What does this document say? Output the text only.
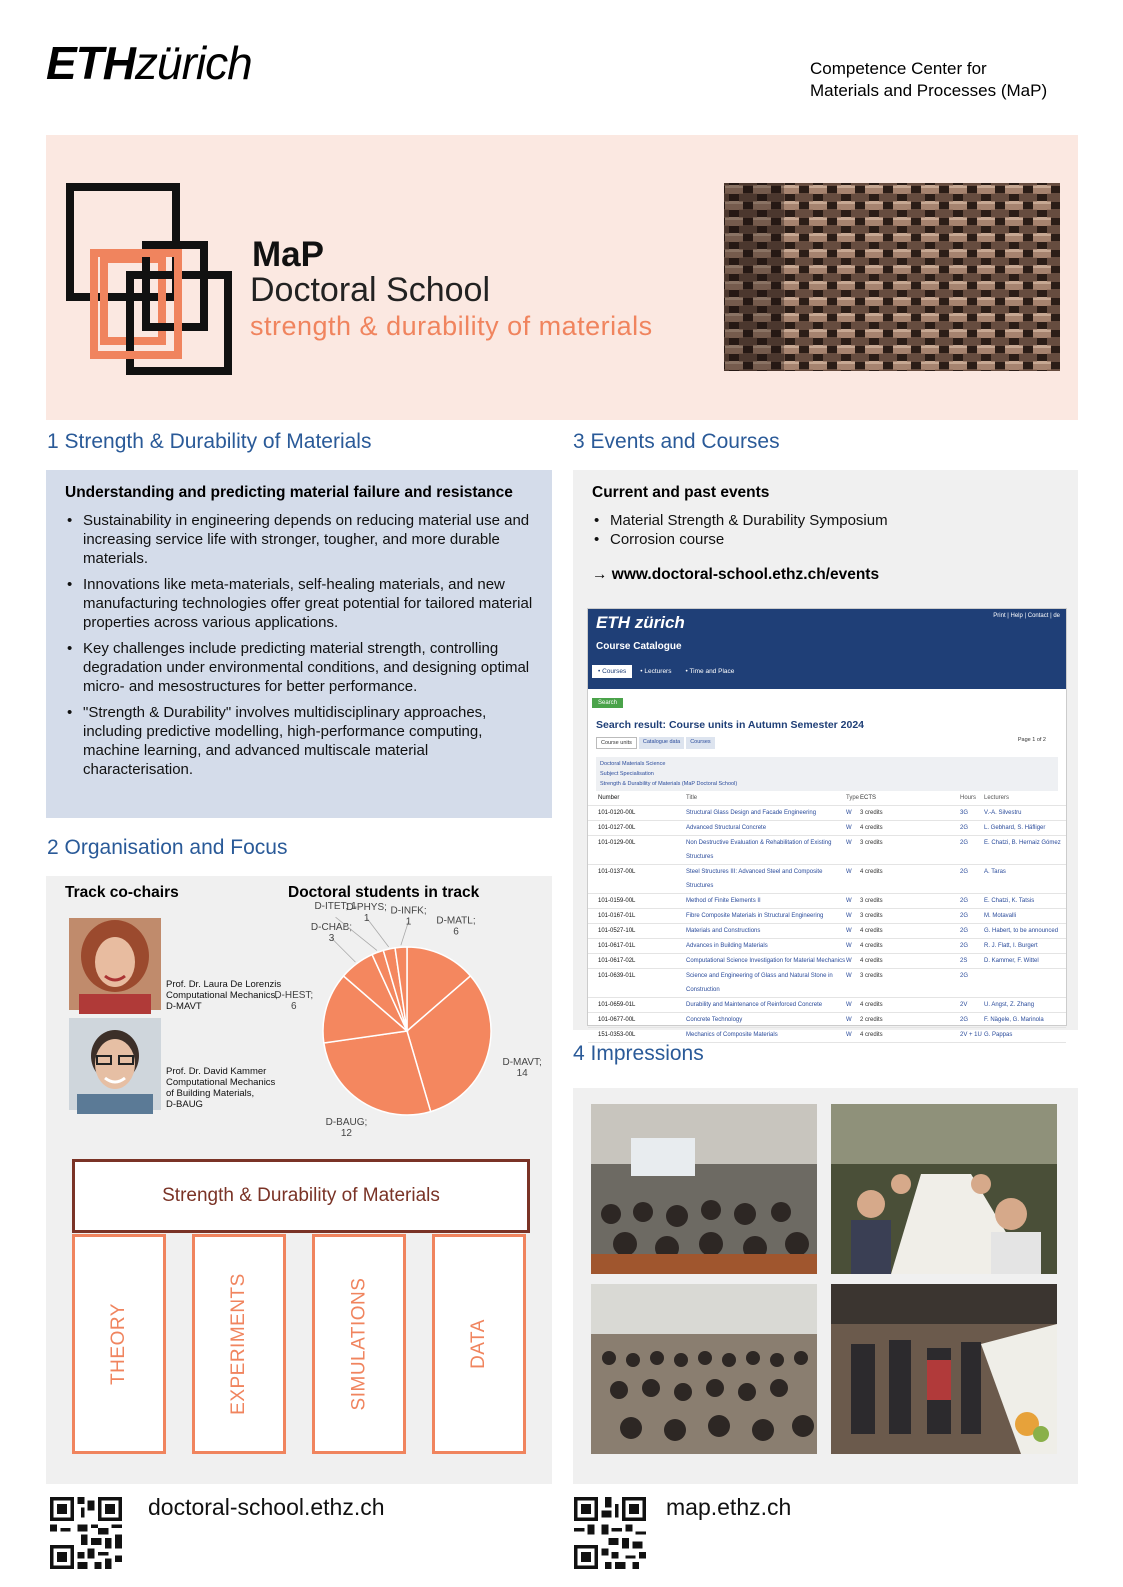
ETHzürich	Competence Center for
Materials and Processes (MaP)
MaP
Doctoral School
strength & durability of materials
1 Strength & Durability of Materials
Understanding and predicting material failure and resistance
• Sustainability in engineering depends on reducing material use and increasing service life with stronger, tougher, and more durable materials.
• Innovations like meta-materials, self-healing materials, and new manufacturing technologies offer great potential for tailored material properties across various applications.
• Key challenges include predicting material strength, controlling degradation under environmental conditions, and designing optimal micro- and mesostructures for better performance.
• "Strength & Durability" involves multidisciplinary approaches, including predictive modelling, high-performance computing, machine learning, and advanced multiscale material characterisation.
2 Organisation and Focus
Track co-chairs	Doctoral students in track
Prof. Dr. Laura De Lorenzis
Computational Mechanics,
D-MAVT
Prof. Dr. David Kammer
Computational Mechanics
of Building Materials,
D-BAUG
D-MATL;
6
D-MAVT;
14
D-BAUG;
12
D-HEST;
6
D-CHAB;
3
D-ITET; 1
D-PHYS;
1
D-INFK;
1
Strength & Durability of Materials
THEORY	EXPERIMENTS	SIMULATIONS	DATA
3 Events and Courses
Current and past events
• Material Strength & Durability Symposium
• Corrosion course
→ www.doctoral-school.ethz.ch/events
ETH zürich	Print | Help | Contact | de
Course Catalogue
• Courses	• Lecturers	• Time and Place
Search
Search result: Course units in Autumn Semester 2024
Course units	Catalogue data	Courses	Page 1 of 2
Doctoral Materials Science
Subject Specialisation
Strength & Durability of Materials (MaP Doctoral School)
Number	Title	Type ECTS	Hours	Lecturers
101-0120-00L	Structural Glass Design and Facade Engineering	W	3 credits	3G	V.-A. Silvestru
101-0127-00L	Advanced Structural Concrete	W	4 credits	2G	L. Gebhard, S. Häfliger
101-0129-00L	Non Destructive Evaluation & Rehabilitation of Existing Structures
W	3 credits	2G	E. Chatzi, B. Hernaiz Gómez
101-0137-00L	Steel Structures III: Advanced Steel and Composite Structures
W	4 credits	2G	A. Taras
101-0159-00L	Method of Finite Elements II	W	3 credits	2G	E. Chatzi, K. Tatsis
101-0167-01L	Fibre Composite Materials in Structural Engineering	W	3 credits	2G	M. Motavalli
101-0527-10L	Materials and Constructions	W	4 credits	2G	G. Habert, to be announced
101-0617-01L	Advances in Building Materials	W	4 credits	2G	R. J. Flatt, I. Burgert
101-0617-02L	Computational Science Investigation for Material Mechanics W	4 credits	2S	D. Kammer, F. Wittel
101-0639-01L	Science and Engineering of Glass and Natural Stone in Construction
W	3 credits	2G
101-0659-01L	Durability and Maintenance of Reinforced Concrete	W	4 credits	2V	U. Angst, Z. Zhang
101-0677-00L	Concrete Technology	W	2 credits	2G	F. Nägele, G. Marinola
151-0353-00L	Mechanics of Composite Materials	W	4 credits	2V + 1U G. Pappas
4 Impressions
doctoral-school.ethz.ch	map.ethz.ch
